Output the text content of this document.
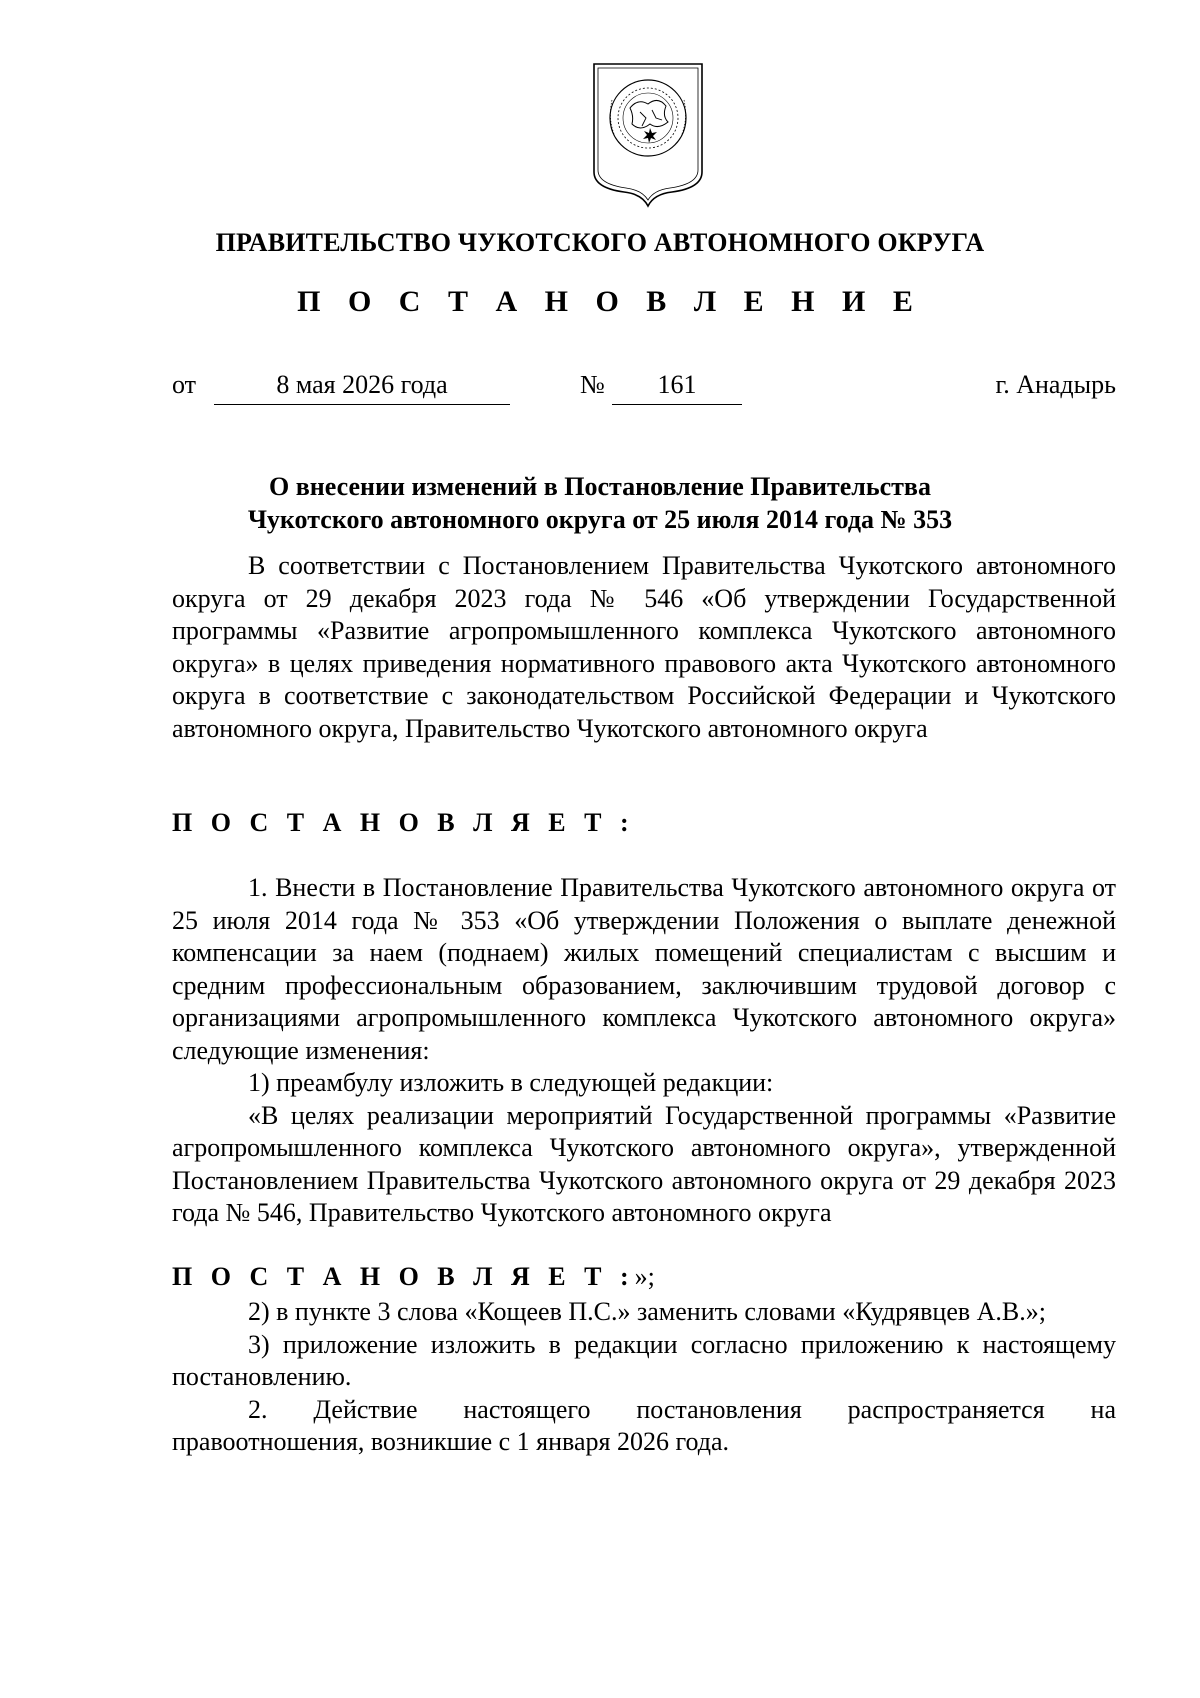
ПРАВИТЕЛЬСТВО ЧУКОТСКОГО АВТОНОМНОГО ОКРУГА
П О С Т А Н О В Л Е Н И Е
от	8 мая 2026 года	№	161	г. Анадырь
О внесении изменений в Постановление Правительства
Чукотского автономного округа от 25 июля 2014 года № 353

В соответствии с Постановлением Правительства Чукотского автономного округа от 29 декабря 2023 года № 546 «Об утверждении Государственной программы «Развитие агропромышленного комплекса Чукотского автономного округа» в целях приведения нормативного правового акта Чукотского автономного округа в соответствие с законодательством Российской Федерации и Чукотского автономного округа, Правительство Чукотского автономного округа

П О С Т А Н О В Л Я Е Т :

1. Внести в Постановление Правительства Чукотского автономного округа от 25 июля 2014 года № 353 «Об утверждении Положения о выплате денежной компенсации за наем (поднаем) жилых помещений специалистам с высшим и средним профессиональным образованием, заключившим трудовой договор с организациями агропромышленного комплекса Чукотского автономного округа» следующие изменения:

1) преамбулу изложить в следующей редакции:

«В целях реализации мероприятий Государственной программы «Развитие агропромышленного комплекса Чукотского автономного округа», утвержденной Постановлением Правительства Чукотского автономного округа от 29 декабря 2023 года № 546, Правительство Чукотского автономного округа

П О С Т А Н О В Л Я Е Т :»;

2) в пункте 3 слова «Кощеев П.С.» заменить словами «Кудрявцев А.В.»;

3) приложение изложить в редакции согласно приложению к настоящему постановлению.

2. Действие настоящего постановления распространяется на правоотношения, возникшие с 1 января 2026 года.
